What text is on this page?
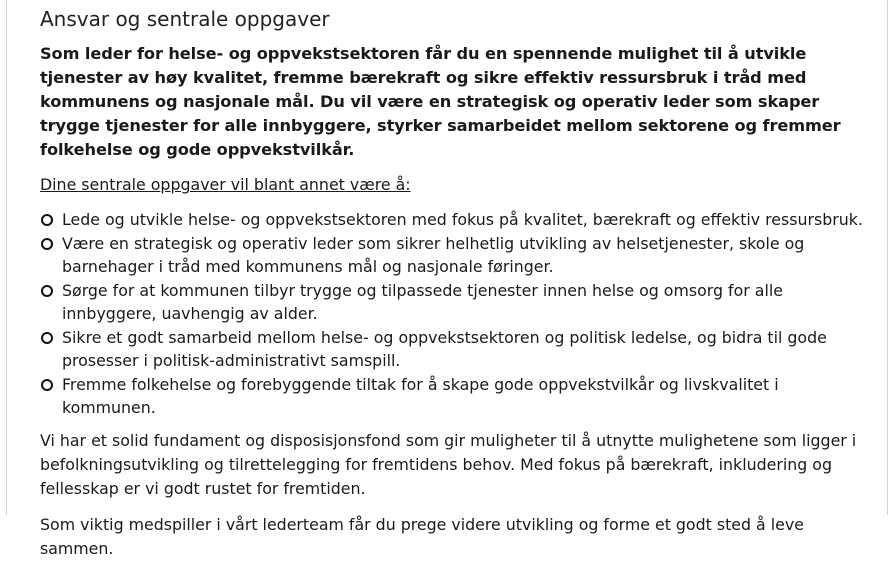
Ansvar og sentrale oppgaver

Som leder for helse- og oppvekstsektoren får du en spennende mulighet til å utvikle tjenester av høy kvalitet, fremme bærekraft og sikre effektiv ressursbruk i tråd med kommunens og nasjonale mål. Du vil være en strategisk og operativ leder som skaper trygge tjenester for alle innbyggere, styrker samarbeidet mellom sektorene og fremmer folkehelse og gode oppvekstvilkår.

Dine sentrale oppgaver vil blant annet være å:

Lede og utvikle helse- og oppvekstsektoren med fokus på kvalitet, bærekraft og effektiv ressursbruk.
Være en strategisk og operativ leder som sikrer helhetlig utvikling av helsetjenester, skole og barnehager i tråd med kommunens mål og nasjonale føringer.
Sørge for at kommunen tilbyr trygge og tilpassede tjenester innen helse og omsorg for alle innbyggere, uavhengig av alder.
Sikre et godt samarbeid mellom helse- og oppvekstsektoren og politisk ledelse, og bidra til gode prosesser i politisk-administrativt samspill.
Fremme folkehelse og forebyggende tiltak for å skape gode oppvekstvilkår og livskvalitet i kommunen.

Vi har et solid fundament og disposisjonsfond som gir muligheter til å utnytte mulighetene som ligger i befolkningsutvikling og tilrettelegging for fremtidens behov. Med fokus på bærekraft, inkludering og fellesskap er vi godt rustet for fremtiden.

Som viktig medspiller i vårt lederteam får du prege videre utvikling og forme et godt sted å leve sammen.
